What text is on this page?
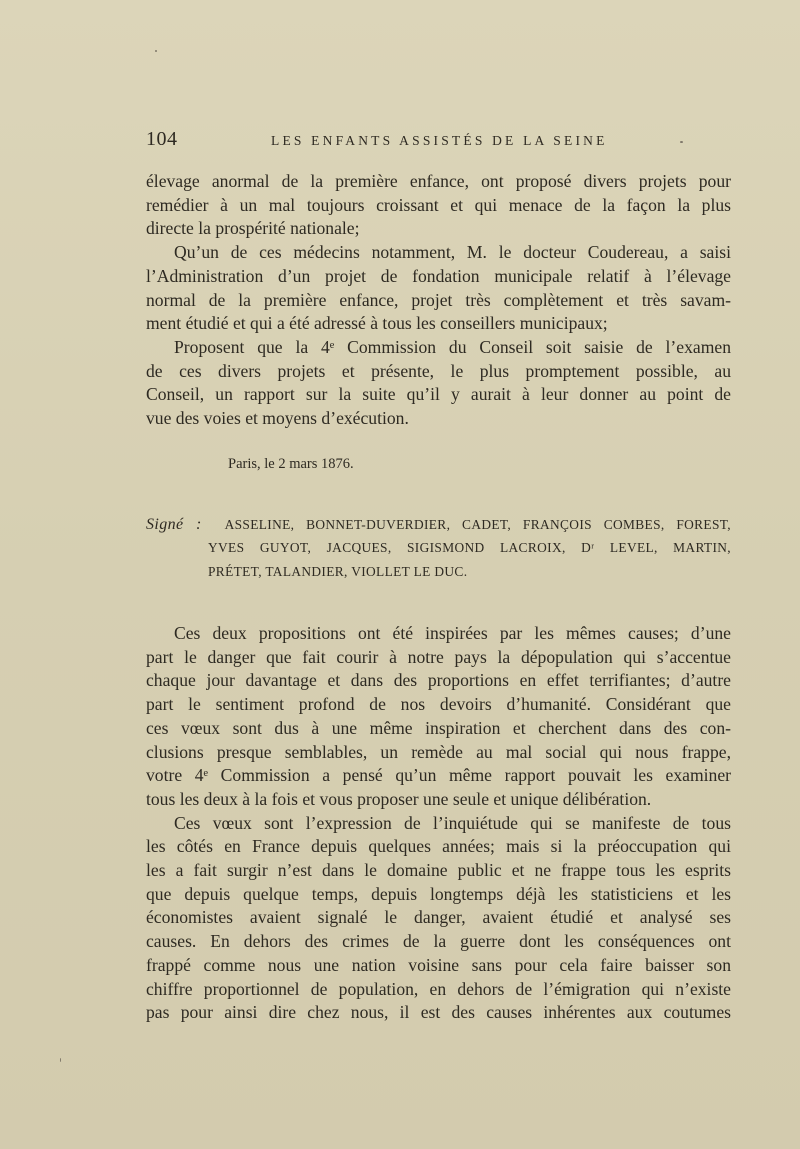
104	LES ENFANTS ASSISTÉS DE LA SEINE

élevage anormal de la première enfance, ont proposé divers projets pour
remédier à un mal toujours croissant et qui menace de la façon la plus
directe la prospérité nationale;

Qu’un de ces médecins notamment, M. le docteur Coudereau, a saisi
l’Administration d’un projet de fondation municipale relatif à l’élevage
normal de la première enfance, projet très complètement et très savam-
ment étudié et qui a été adressé à tous les conseillers municipaux;

Proposent que la 4ᵉ Commission du Conseil soit saisie de l’examen
de ces divers projets et présente, le plus promptement possible, au
Conseil, un rapport sur la suite qu’il y aurait à leur donner au point de
vue des voies et moyens d’exécution.

Paris, le 2 mars 1876.
Signé : ASSELINE, BONNET-DUVERDIER, CADET, FRANÇOIS COMBES, FOREST,
YVES GUYOT, JACQUES, SIGISMOND LACROIX, Dʳ LEVEL, MARTIN,
PRÉTET, TALANDIER, VIOLLET LE DUC.

Ces deux propositions ont été inspirées par les mêmes causes; d’une
part le danger que fait courir à notre pays la dépopulation qui s’accentue
chaque jour davantage et dans des proportions en effet terrifiantes; d’autre
part le sentiment profond de nos devoirs d’humanité. Considérant que
ces vœux sont dus à une même inspiration et cherchent dans des con-
clusions presque semblables, un remède au mal social qui nous frappe,
votre 4ᵉ Commission a pensé qu’un même rapport pouvait les examiner
tous les deux à la fois et vous proposer une seule et unique délibération.

Ces vœux sont l’expression de l’inquiétude qui se manifeste de tous
les côtés en France depuis quelques années; mais si la préoccupation qui
les a fait surgir n’est dans le domaine public et ne frappe tous les esprits
que depuis quelque temps, depuis longtemps déjà les statisticiens et les
économistes avaient signalé le danger, avaient étudié et analysé ses
causes. En dehors des crimes de la guerre dont les conséquences ont
frappé comme nous une nation voisine sans pour cela faire baisser son
chiffre proportionnel de population, en dehors de l’émigration qui n’existe
pas pour ainsi dire chez nous, il est des causes inhérentes aux coutumes
